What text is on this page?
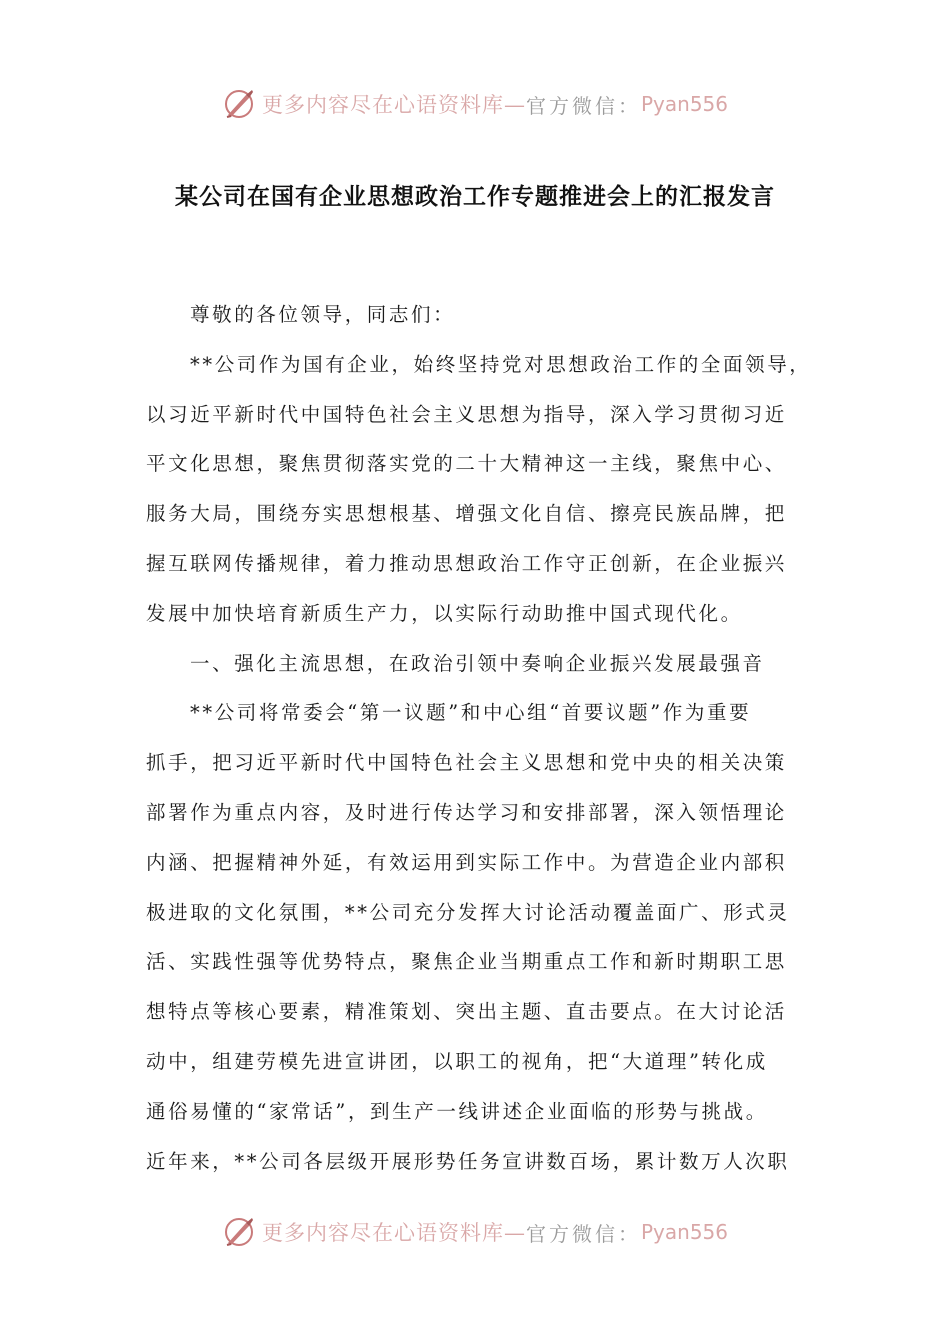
更多内容尽在心语资料库— 官方微信： Pyan556
某公司在国有企业思想政治工作专题推进会上的汇报发言
尊敬的各位领导，同志们：
**公司作为国有企业，始终坚持党对思想政治工作的全面领导，
以习近平新时代中国特色社会主义思想为指导，深入学习贯彻习近
平文化思想，聚焦贯彻落实党的二十大精神这一主线，聚焦中心、
服务大局，围绕夯实思想根基、增强文化自信、擦亮民族品牌，把
握互联网传播规律，着力推动思想政治工作守正创新，在企业振兴
发展中加快培育新质生产力，以实际行动助推中国式现代化。
一、强化主流思想，在政治引领中奏响企业振兴发展最强音
**公司将常委会“第一议题”和中心组“首要议题”作为重要
抓手，把习近平新时代中国特色社会主义思想和党中央的相关决策
部署作为重点内容，及时进行传达学习和安排部署，深入领悟理论
内涵、把握精神外延，有效运用到实际工作中。为营造企业内部积
极进取的文化氛围，**公司充分发挥大讨论活动覆盖面广、形式灵
活、实践性强等优势特点，聚焦企业当期重点工作和新时期职工思
想特点等核心要素，精准策划、突出主题、直击要点。在大讨论活
动中，组建劳模先进宣讲团，以职工的视角，把“大道理”转化成
通俗易懂的“家常话”，到生产一线讲述企业面临的形势与挑战。
近年来，**公司各层级开展形势任务宣讲数百场，累计数万人次职
更多内容尽在心语资料库— 官方微信： Pyan556
